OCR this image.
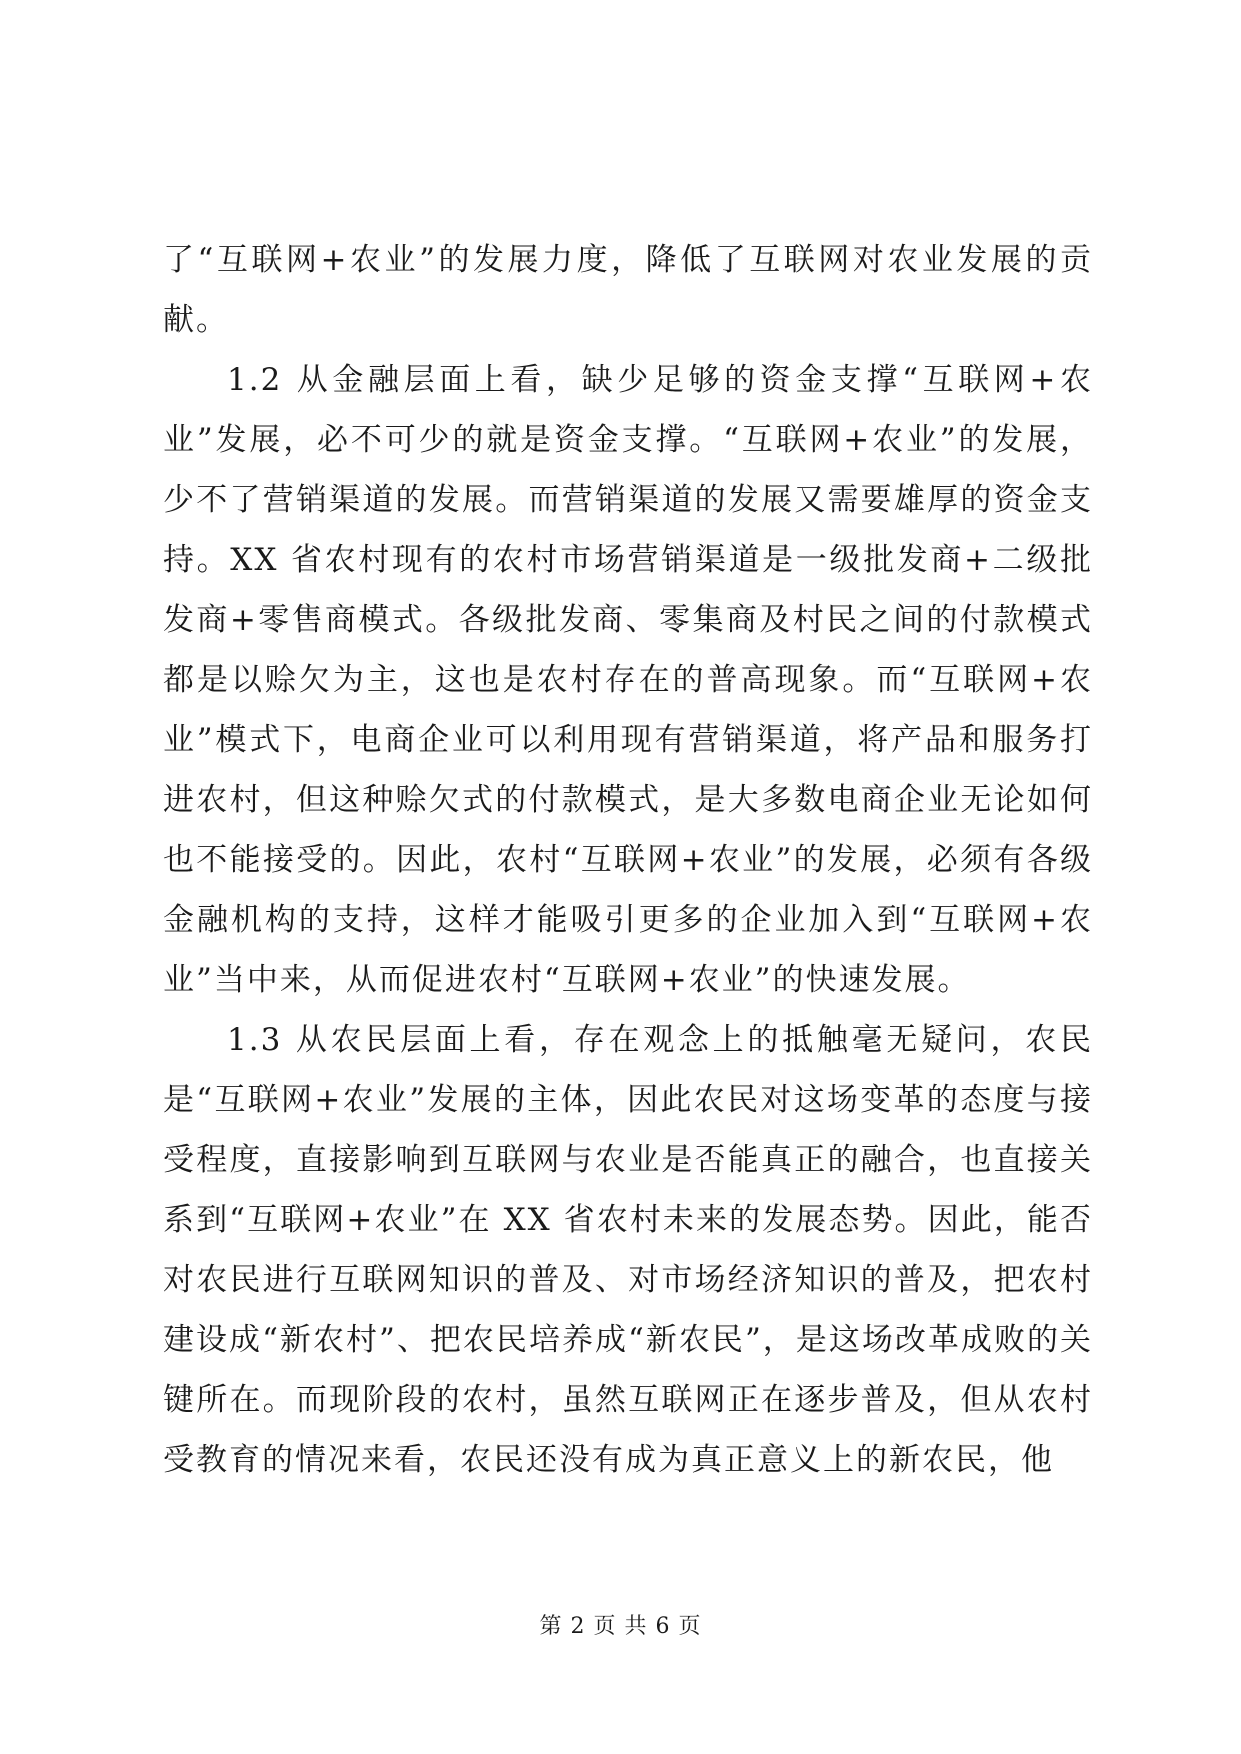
了“互联网+农业”的发展力度，降低了互联网对农业发展的贡献。

1.2 从金融层面上看，缺少足够的资金支撑“互联网+农业”发展，必不可少的就是资金支撑。“互联网+农业”的发展，少不了营销渠道的发展。而营销渠道的发展又需要雄厚的资金支持。XX 省农村现有的农村市场营销渠道是一级批发商+二级批发商+零售商模式。各级批发商、零集商及村民之间的付款模式都是以赊欠为主，这也是农村存在的普高现象。而“互联网+农业”模式下，电商企业可以利用现有营销渠道，将产品和服务打进农村，但这种赊欠式的付款模式，是大多数电商企业无论如何也不能接受的。因此，农村“互联网+农业”的发展，必须有各级金融机构的支持，这样才能吸引更多的企业加入到“互联网+农业”当中来，从而促进农村“互联网+农业”的快速发展。

1.3 从农民层面上看，存在观念上的抵触毫无疑问，农民是“互联网+农业”发展的主体，因此农民对这场变革的态度与接受程度，直接影响到互联网与农业是否能真正的融合，也直接关系到“互联网+农业”在 XX 省农村未来的发展态势。因此，能否对农民进行互联网知识的普及、对市场经济知识的普及，把农村建设成“新农村”、把农民培养成“新农民”，是这场改革成败的关键所在。而现阶段的农村，虽然互联网正在逐步普及，但从农村受教育的情况来看，农民还没有成为真正意义上的新农民，他

第 2 页 共 6 页
